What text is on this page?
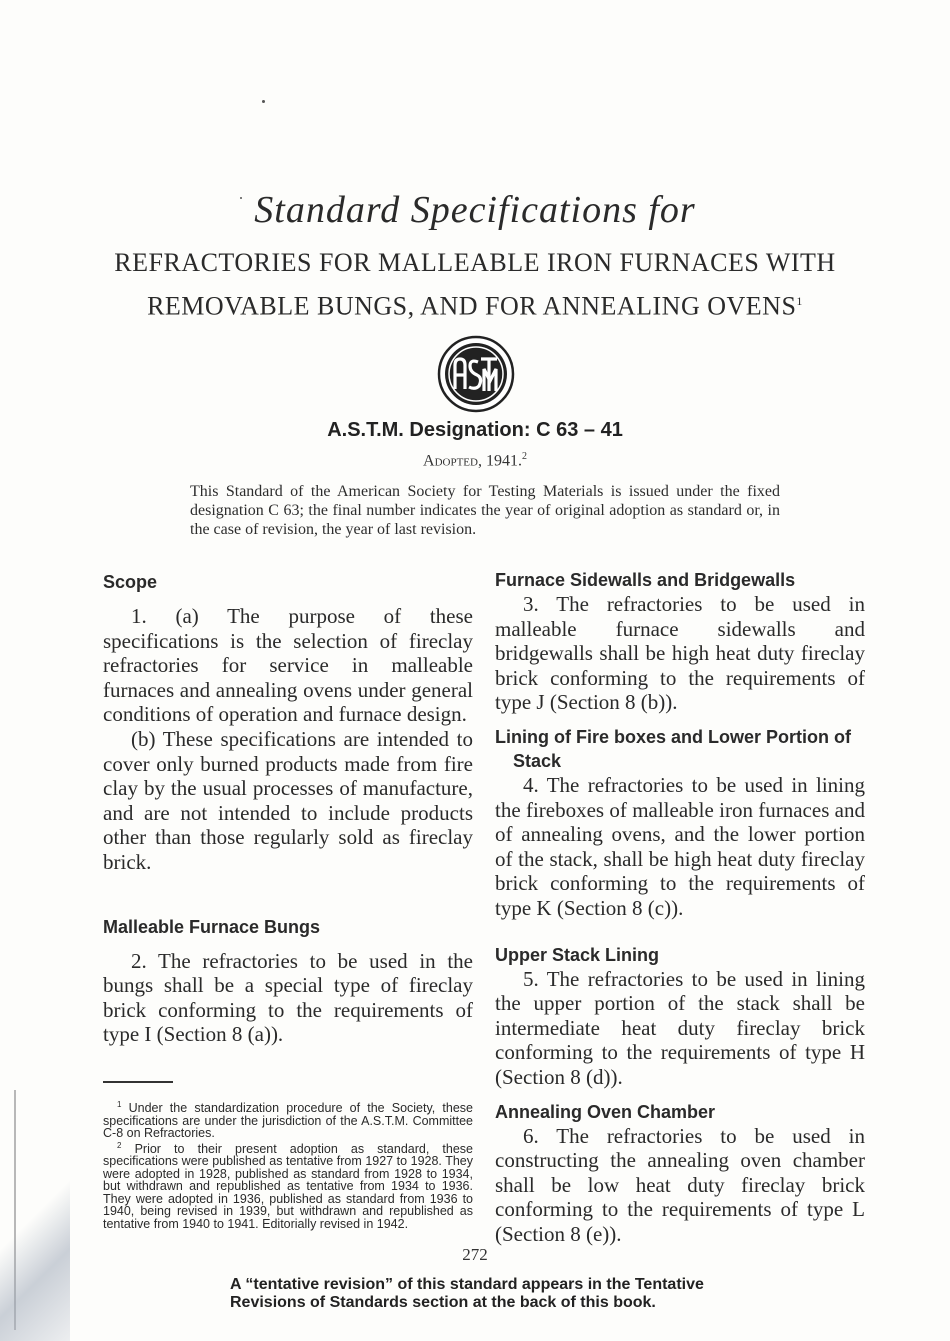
Standard Specifications for
REFRACTORIES FOR MALLEABLE IRON FURNACES WITH
REMOVABLE BUNGS, AND FOR ANNEALING OVENS$^1$
A.S.T.M. Designation: C 63 – 41
Adopted, 1941.$^2$
This Standard of the American Society for Testing Materials is issued under the fixed designation C 63; the final number indicates the year of original adoption as standard or, in the case of revision, the year of last revision.
Scope

1. (a) The purpose of these specifications is the selection of fireclay refractories for service in malleable furnaces and annealing ovens under general conditions of operation and furnace design.

(b) These specifications are intended to cover only burned products made from fire clay by the usual processes of manufacture, and are not intended to include products other than those regularly sold as fireclay brick.

Malleable Furnace Bungs

2. The refractories to be used in the bungs shall be a special type of fireclay brick conforming to the requirements of type I (Section 8 (a)).

$^1$ Under the standardization procedure of the Society, these specifications are under the jurisdiction of the A.S.T.M. Committee C-8 on Refractories.

$^2$ Prior to their present adoption as standard, these specifications were published as tentative from 1927 to 1928. They were adopted in 1928, published as standard from 1928 to 1934, but withdrawn and republished as tentative from 1934 to 1936. They were adopted in 1936, published as standard from 1936 to 1940, being revised in 1939, but withdrawn and republished as tentative from 1940 to 1941. Editorially revised in 1942.

Furnace Sidewalls and Bridgewalls

3. The refractories to be used in malleable furnace sidewalls and bridgewalls shall be high heat duty fireclay brick conforming to the requirements of type J (Section 8 (b)).

Lining of Fire boxes and Lower Portion of Stack

4. The refractories to be used in lining the fireboxes of malleable iron furnaces and of annealing ovens, and the lower portion of the stack, shall be high heat duty fireclay brick conforming to the requirements of type K (Section 8 (c)).

Upper Stack Lining

5. The refractories to be used in lining the upper portion of the stack shall be intermediate heat duty fireclay brick conforming to the requirements of type H (Section 8 (d)).

Annealing Oven Chamber

6. The refractories to be used in constructing the annealing oven chamber shall be low heat duty fireclay brick conforming to the requirements of type L (Section 8 (e)).

272
A “tentative revision” of this standard appears in the Tentative Revisions of Standards section at the back of this book.
